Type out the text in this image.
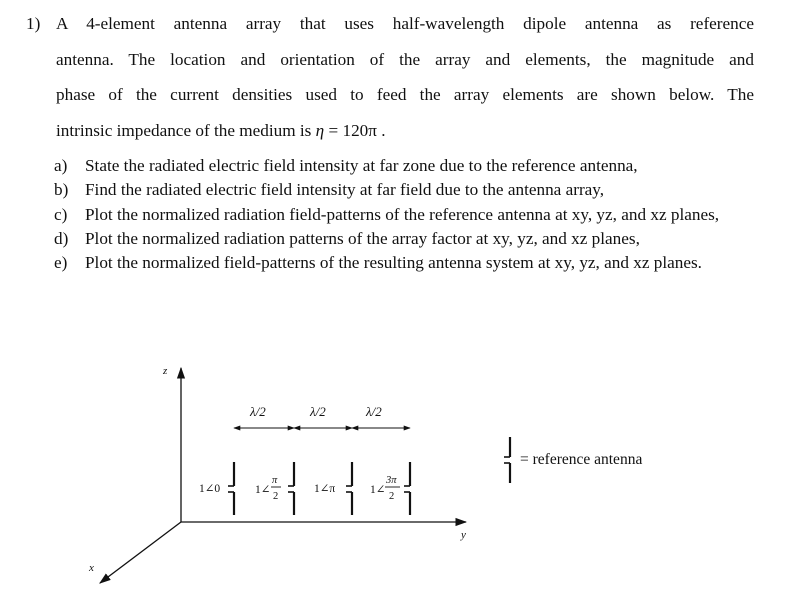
1) A 4-element antenna array that uses half-wavelength dipole antenna as reference
antenna. The location and orientation of the array and elements, the magnitude and
phase of the current densities used to feed the array elements are shown below. The
intrinsic impedance of the medium is η = 120π .
a) State the radiated electric field intensity at far zone due to the reference antenna,
b) Find the radiated electric field intensity at far field due to the antenna array,
c) Plot the normalized radiation field-patterns of the reference antenna at xy, yz, and xz planes,
d) Plot the normalized radiation patterns of the array factor at xy, yz, and xz planes,
e) Plot the normalized field-patterns of the resulting antenna system at xy, yz, and xz planes.
z
y
x
λ/2	λ/2	λ/2
1∠0	1∠
π
2
1∠π	1∠
3π
2
= reference antenna
